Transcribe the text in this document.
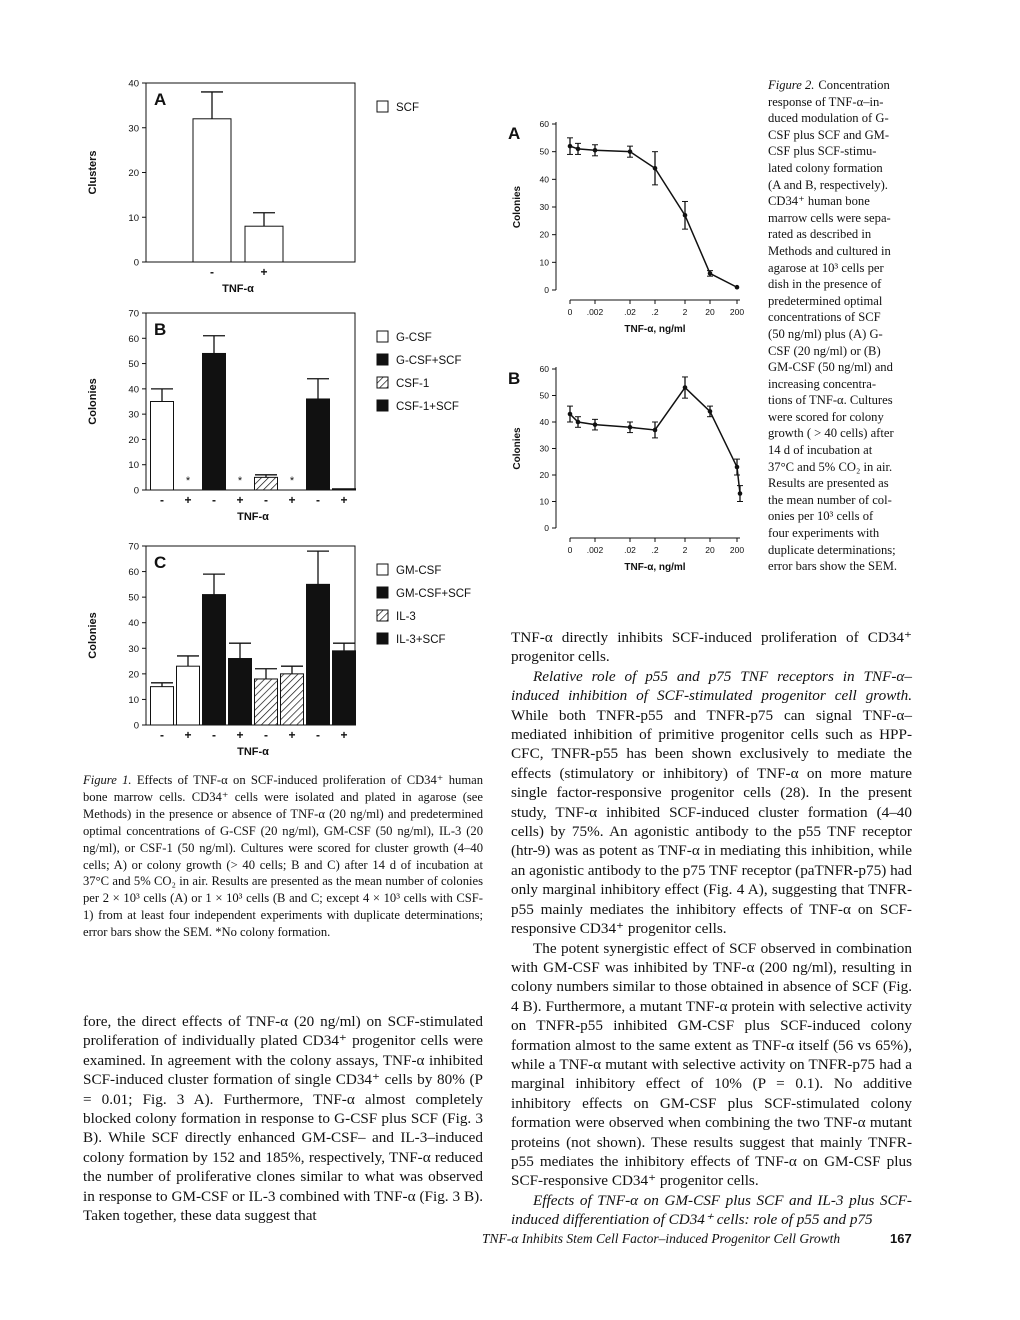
A
0
10
20
30
40
Clusters
-	+
TNF-α
SCF
B
0
10
20
30
40
50
60
70
Colonies
-
*
+ -
*
+ -
*
+ - +
TNF-α
G-CSF
G-CSF+SCF
CSF-1
CSF-1+SCF
C
0
10
20
30
40
50
60
70
Colonies
- + - + - + - +
TNF-α
GM-CSF
GM-CSF+SCF
IL-3
IL-3+SCF
Figure 1. Effects of TNF-α on SCF-induced proliferation of CD34⁺ human bone marrow cells. CD34⁺ cells were isolated and plated in agarose (see Methods) in the presence or absence of TNF-α (20 ng/ml) and predetermined optimal concentrations of G-CSF (20 ng/ml), GM-CSF (50 ng/ml), IL-3 (20 ng/ml), or CSF-1 (50 ng/ml). Cultures were scored for cluster growth (4–40 cells; A) or colony growth (> 40 cells; B and C) after 14 d of incubation at 37°C and 5% CO₂ in air. Results are presented as the mean number of colonies per 2 × 10³ cells (A) or 1 × 10³ cells (B and C; except 4 × 10³ cells with CSF-1) from at least four independent experiments with duplicate determinations; error bars show the SEM. *No colony formation.
A
0
10
20
30
40
50
60
Colonies
0 .002 .02 .2	2 20 200
TNF-α, ng/ml
B
0
10
20
30
40
50
60
Colonies
0 .002 .02 .2	2 20 200
TNF-α, ng/ml
Figure 2. Concentration
response of TNF-α–in-
duced modulation of G-
CSF plus SCF and GM-
CSF plus SCF-stimu-
lated colony formation
(A and B, respectively).
CD34⁺ human bone
marrow cells were sepa-
rated as described in
Methods and cultured in
agarose at 10³ cells per
dish in the presence of
predetermined optimal
concentrations of SCF
(50 ng/ml) plus (A) G-
CSF (20 ng/ml) or (B)
GM-CSF (50 ng/ml) and
increasing concentra-
tions of TNF-α. Cultures
were scored for colony
growth ( > 40 cells) after
14 d of incubation at
37°C and 5% CO₂ in air.
Results are presented as
the mean number of col-
onies per 10³ cells of
four experiments with
duplicate determinations;
error bars show the SEM.

fore, the direct effects of TNF-α (20 ng/ml) on SCF-stimulated proliferation of individually plated CD34⁺ progenitor cells were examined. In agreement with the colony assays, TNF-α inhibited SCF-induced cluster formation of single CD34⁺ cells by 80% (P = 0.01; Fig. 3 A). Furthermore, TNF-α almost completely blocked colony formation in response to G-CSF plus SCF (Fig. 3 B). While SCF directly enhanced GM-CSF– and IL-3–induced colony formation by 152 and 185%, respectively, TNF-α reduced the number of proliferative clones similar to what was observed in response to GM-CSF or IL-3 combined with TNF-α (Fig. 3 B). Taken together, these data suggest that

TNF-α directly inhibits SCF-induced proliferation of CD34⁺ progenitor cells.

Relative role of p55 and p75 TNF receptors in TNF-α–induced inhibition of SCF-stimulated progenitor cell growth. While both TNFR-p55 and TNFR-p75 can signal TNF-α–mediated inhibition of primitive progenitor cells such as HPP-CFC, TNFR-p55 has been shown exclusively to mediate the effects (stimulatory or inhibitory) of TNF-α on more mature single factor-responsive progenitor cells (28). In the present study, TNF-α inhibited SCF-induced cluster formation (4–40 cells) by 75%. An agonistic antibody to the p55 TNF receptor (htr-9) was as potent as TNF-α in mediating this inhibition, while an agonistic antibody to the p75 TNF receptor (paTNFR-p75) had only marginal inhibitory effect (Fig. 4 A), suggesting that TNFR-p55 mainly mediates the inhibitory effects of TNF-α on SCF-responsive CD34⁺ progenitor cells.

The potent synergistic effect of SCF observed in combination with GM-CSF was inhibited by TNF-α (200 ng/ml), resulting in colony numbers similar to those obtained in absence of SCF (Fig. 4 B). Furthermore, a mutant TNF-α protein with selective activity on TNFR-p55 inhibited GM-CSF plus SCF-induced colony formation almost to the same extent as TNF-α itself (56 vs 65%), while a TNF-α mutant with selective activity on TNFR-p75 had a marginal inhibitory effect of 10% (P = 0.1). No additive inhibitory effects on GM-CSF plus SCF-stimulated colony formation were observed when combining the two TNF-α mutant proteins (not shown). These results suggest that mainly TNFR-p55 mediates the inhibitory effects of TNF-α on GM-CSF plus SCF-responsive CD34⁺ progenitor cells.

Effects of TNF-α on GM-CSF plus SCF and IL-3 plus SCF-induced differentiation of CD34⁺ cells: role of p55 and p75

TNF-α Inhibits Stem Cell Factor–induced Progenitor Cell Growth	167
